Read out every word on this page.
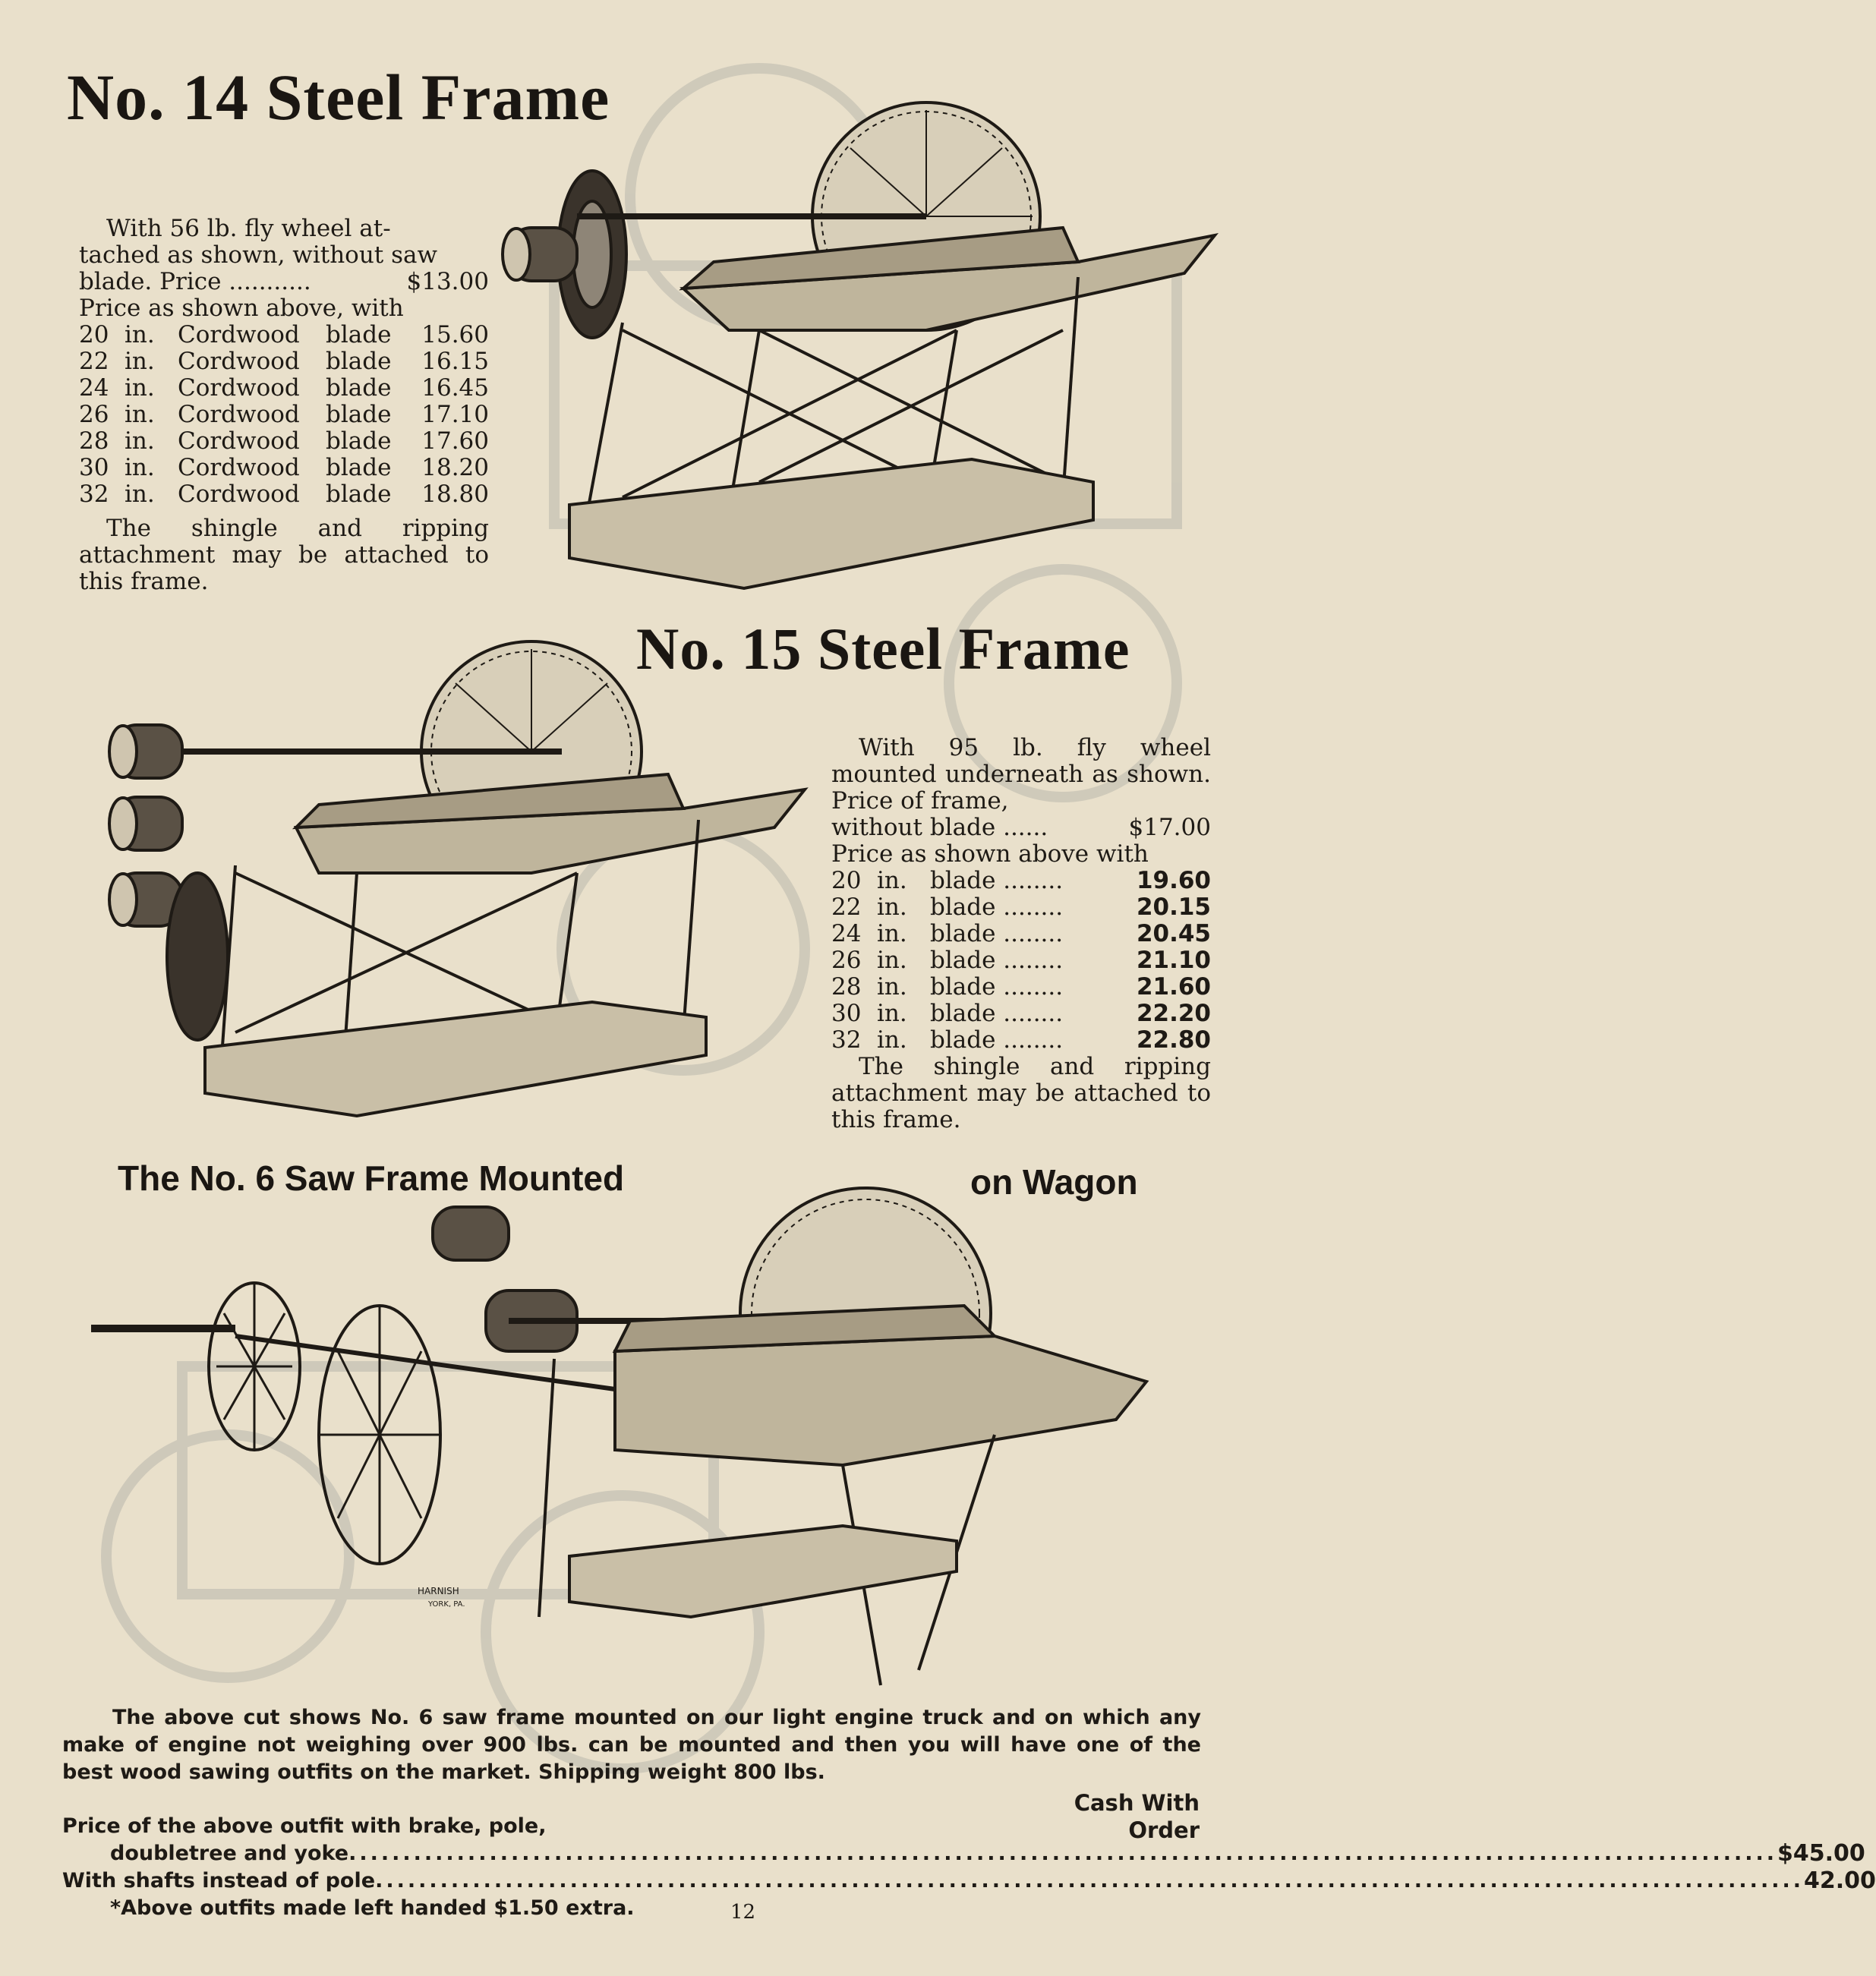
No. 14 Steel Frame
With 56 lb. fly wheel at-
tached as shown, without saw
blade. Price ...........	$13.00
Price as shown above, with
20 in. Cordwood	blade	15.60
22 in. Cordwood	blade	16.15
24 in. Cordwood	blade	16.45
26 in. Cordwood	blade	17.10
28 in. Cordwood	blade	17.60
30 in. Cordwood	blade	18.20
32 in. Cordwood	blade	18.80
The shingle and ripping attachment may be attached to this frame.
No. 15 Steel Frame
With 95 lb. fly wheel mounted underneath as shown. Price of frame,
without blade ......	$17.00
Price as shown above with
20 in. blade ........	19.60
22 in. blade ........	20.15
24 in. blade ........	20.45
26 in. blade ........	21.10
28 in. blade ........	21.60
30 in. blade ........	22.20
32 in. blade ........	22.80
The shingle and ripping attachment may be attached to this frame.
The No. 6 Saw Frame Mounted	on Wagon
HARNISH
YORK, PA.
The above cut shows No. 6 saw frame mounted on our light engine truck and on which any make of engine not weighing over 900 lbs. can be mounted and then you will have one of the best wood sawing outfits on the market. Shipping weight 800 lbs.
Cash With
Order
Price of the above outfit with brake, pole,
doubletree and yoke .................................................................................................................................... $45.00
With shafts instead of pole .................................................................................................................................... 42.00
*Above outfits made left handed $1.50 extra.	12
